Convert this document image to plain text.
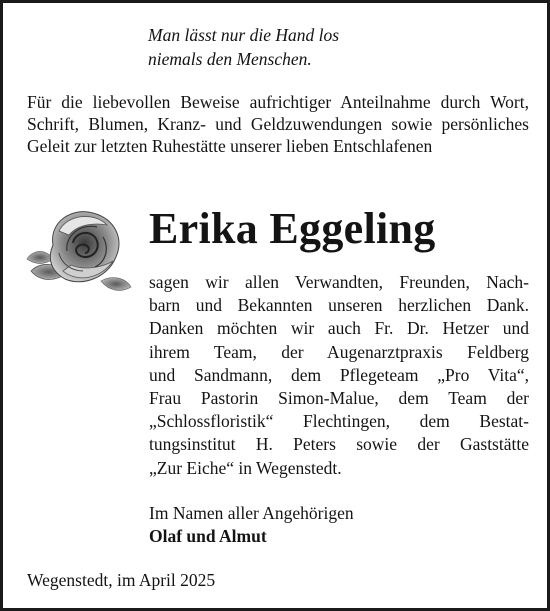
Man lässt nur die Hand los
niemals den Menschen.

Für die liebevollen Beweise aufrichtiger Anteilnahme durch Wort, Schrift, Blumen, Kranz- und Geldzuwendungen sowie persönliches Geleit zur letzten Ruhestätte unserer lieben Entschlafenen

Erika Eggeling

sagen wir allen Verwandten, Freunden, Nach-
barn und Bekannten unseren herzlichen Dank.
Danken möchten wir auch Fr. Dr. Hetzer und
ihrem Team, der Augenarztpraxis Feldberg
und Sandmann, dem Pflegeteam „Pro Vita“,
Frau Pastorin Simon-Malue, dem Team der
„Schlossfloristik“ Flechtingen, dem Bestat-
tungsinstitut H. Peters sowie der Gaststätte
„Zur Eiche“ in Wegenstedt.

Im Namen aller Angehörigen
Olaf und Almut

Wegenstedt, im April 2025
